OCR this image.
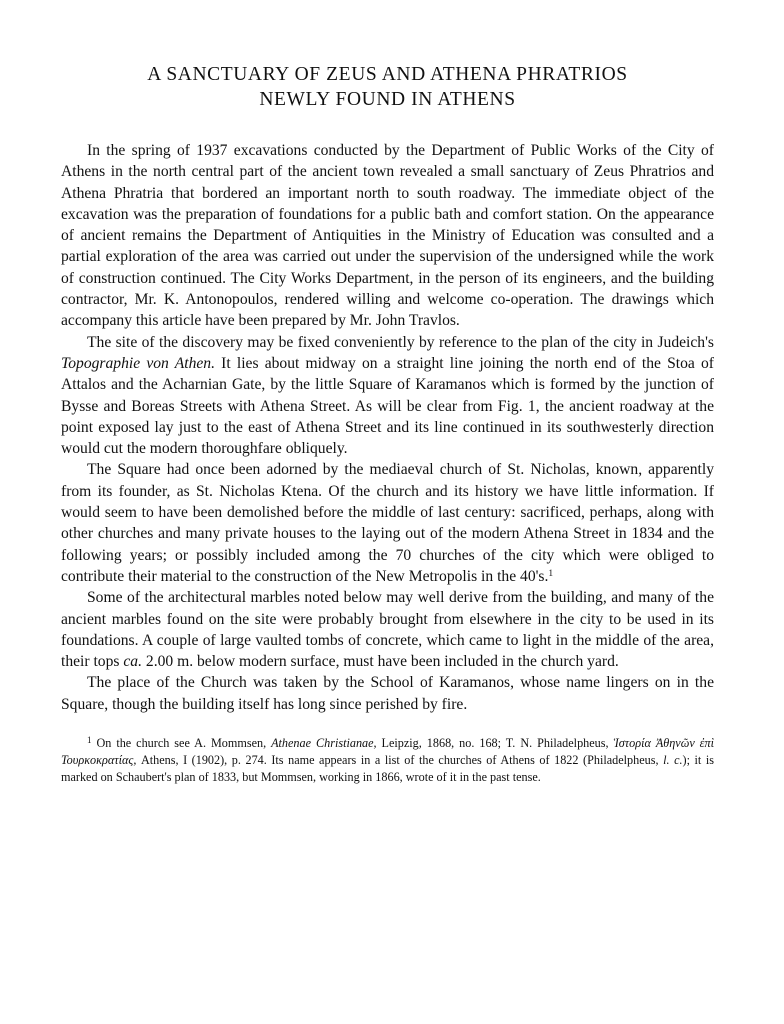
A SANCTUARY OF ZEUS AND ATHENA PHRATRIOS
NEWLY FOUND IN ATHENS

In the spring of 1937 excavations conducted by the Department of Public Works of the City of Athens in the north central part of the ancient town revealed a small sanctuary of Zeus Phratrios and Athena Phratria that bordered an important north to south roadway. The immediate object of the excavation was the preparation of foundations for a public bath and comfort station. On the appearance of ancient remains the Department of Antiquities in the Ministry of Education was consulted and a partial exploration of the area was carried out under the supervision of the undersigned while the work of construction continued. The City Works Department, in the person of its engineers, and the building contractor, Mr. K. Antonopoulos, rendered willing and welcome co-operation. The drawings which accompany this article have been prepared by Mr. John Travlos.

The site of the discovery may be fixed conveniently by reference to the plan of the city in Judeich's Topographie von Athen. It lies about midway on a straight line joining the north end of the Stoa of Attalos and the Acharnian Gate, by the little Square of Karamanos which is formed by the junction of Bysse and Boreas Streets with Athena Street. As will be clear from Fig. 1, the ancient roadway at the point exposed lay just to the east of Athena Street and its line continued in its southwesterly direction would cut the modern thoroughfare obliquely.

The Square had once been adorned by the mediaeval church of St. Nicholas, known, apparently from its founder, as St. Nicholas Ktena. Of the church and its history we have little information. If would seem to have been demolished before the middle of last century: sacrificed, perhaps, along with other churches and many private houses to the laying out of the modern Athena Street in 1834 and the following years; or possibly included among the 70 churches of the city which were obliged to contribute their material to the construction of the New Metropolis in the 40's.$^1$

Some of the architectural marbles noted below may well derive from the building, and many of the ancient marbles found on the site were probably brought from elsewhere in the city to be used in its foundations. A couple of large vaulted tombs of concrete, which came to light in the middle of the area, their tops ca. 2.00 m. below modern surface, must have been included in the church yard.

The place of the Church was taken by the School of Karamanos, whose name lingers on in the Square, though the building itself has long since perished by fire.

$^1$ On the church see A. Mommsen, Athenae Christianae, Leipzig, 1868, no. 168; T. N. Philadelpheus, Ἱστορία Ἀθηνῶν ἐπὶ Τουρκοκρατίας, Athens, I (1902), p. 274. Its name appears in a list of the churches of Athens of 1822 (Philadelpheus, l. c.); it is marked on Schaubert's plan of 1833, but Mommsen, working in 1866, wrote of it in the past tense.
